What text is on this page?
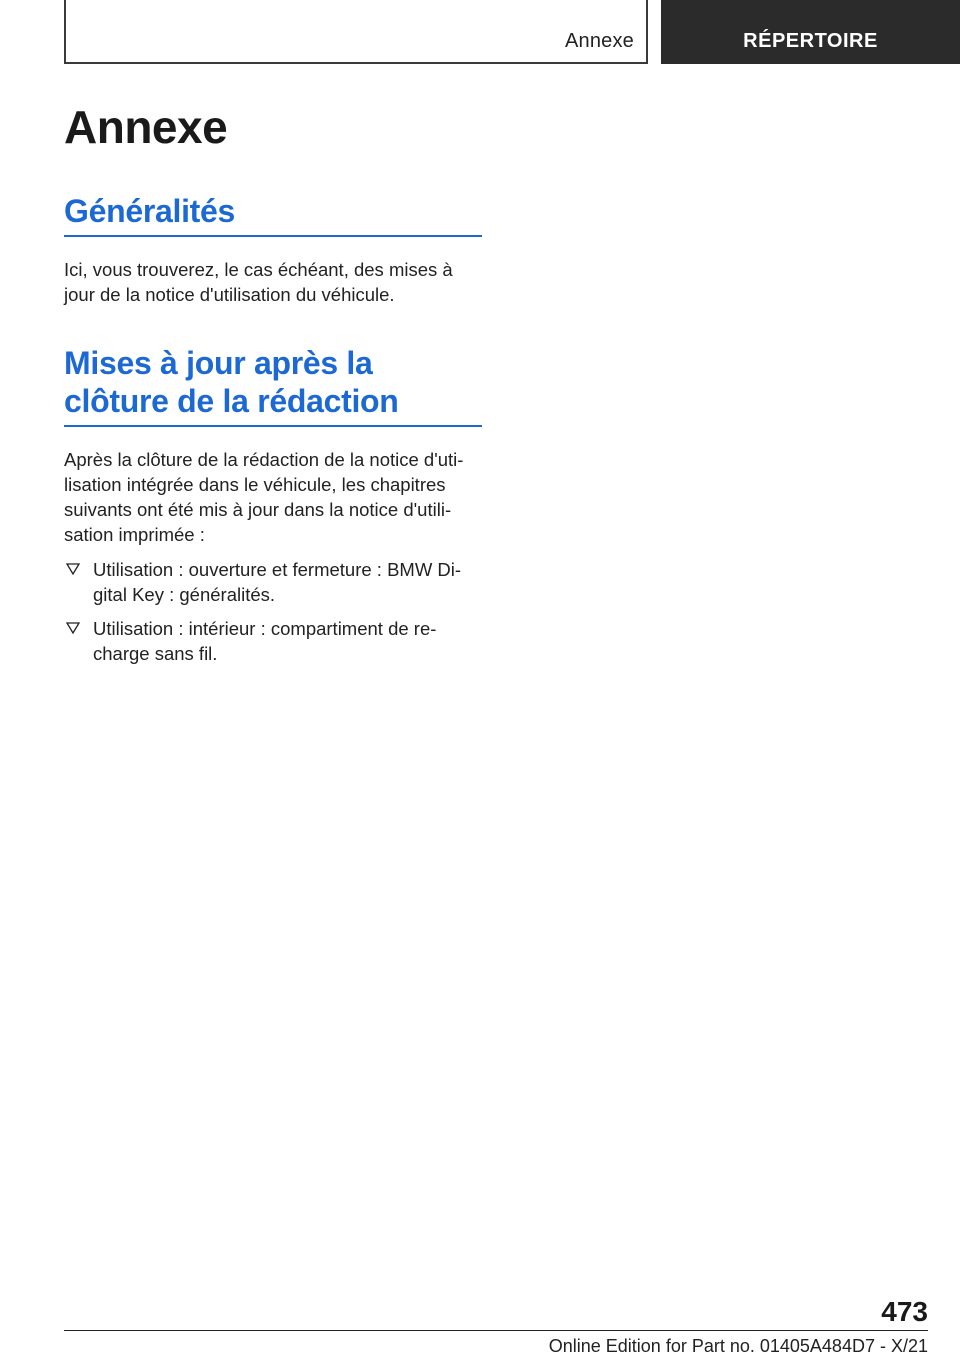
Annexe	RÉPERTOIRE
Annexe
Généralités

Ici, vous trouverez, le cas échéant, des mises à jour de la notice d'utilisation du véhicule.

Mises à jour après la
clôture de la rédaction

Après la clôture de la rédaction de la notice d'utilisation intégrée dans le véhicule, les chapitres suivants ont été mis à jour dans la notice d'utilisation imprimée :

Utilisation : ouverture et fermeture : BMW Digital Key : généralités.
Utilisation : intérieur : compartiment de recharge sans fil.
473
Online Edition for Part no. 01405A484D7 - X/21
